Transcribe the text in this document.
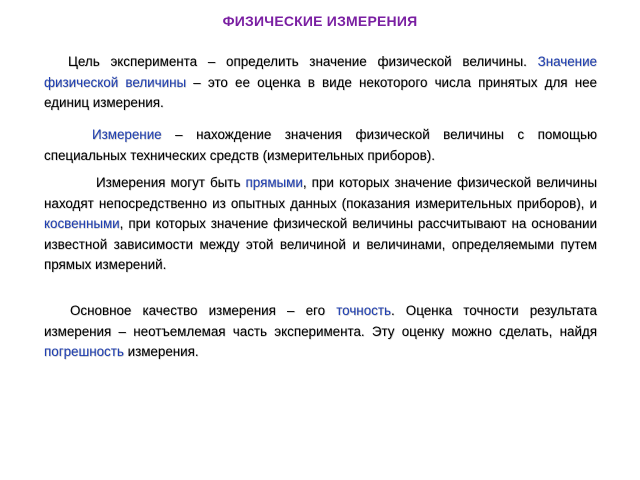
ФИЗИЧЕСКИЕ ИЗМЕРЕНИЯ
Цель эксперимента – определить значение физической величины. Значение физической величины – это ее оценка в виде некоторого числа принятых для нее единиц измерения.
Измерение – нахождение значения физической величины с помощью специальных технических средств (измерительных приборов).
Измерения могут быть прямыми, при которых значение физической величины находят непосредственно из опытных данных (показания измерительных приборов), и косвенными, при которых значение физической величины рассчитывают на основании известной зависимости между этой величиной и величинами, определяемыми путем прямых измерений.
Основное качество измерения – его точность. Оценка точности результата измерения – неотъемлемая часть эксперимента. Эту оценку можно сделать, найдя погрешность измерения.
